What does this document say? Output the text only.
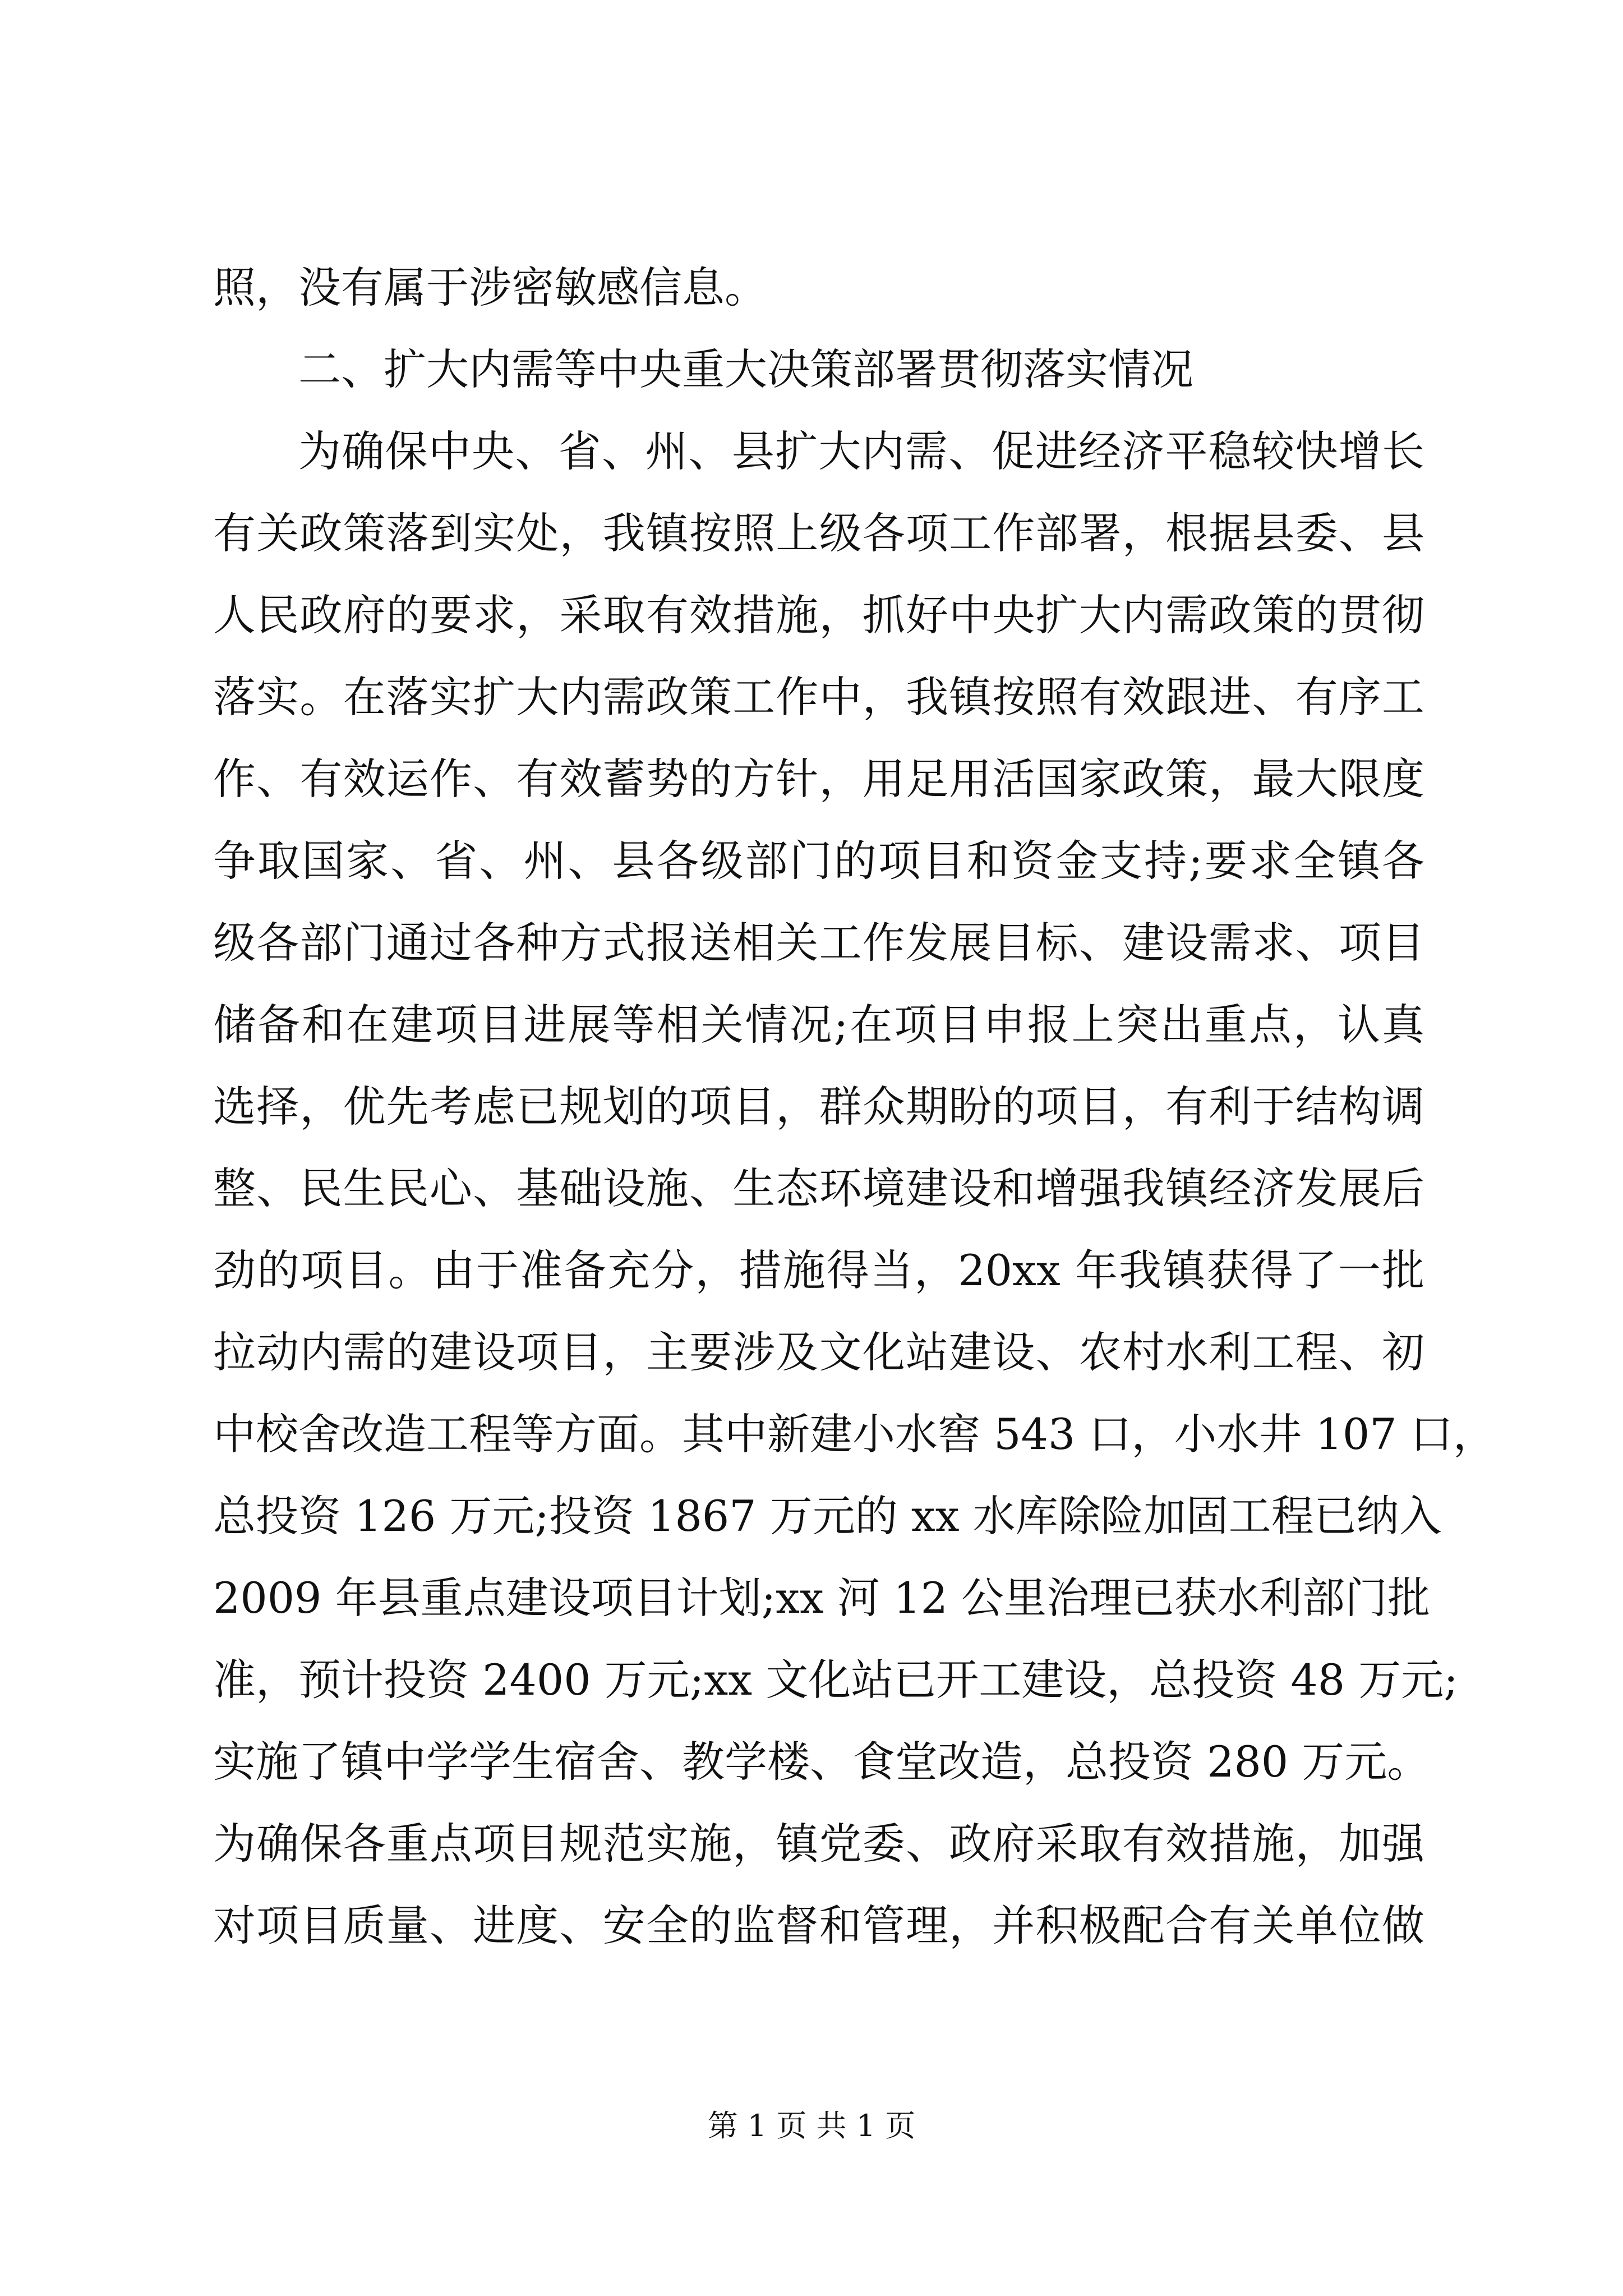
照，没有属于涉密敏感信息。
二、扩大内需等中央重大决策部署贯彻落实情况
为确保中央、省、州、县扩大内需、促进经济平稳较快增长
有关政策落到实处，我镇按照上级各项工作部署，根据县委、县
人民政府的要求，采取有效措施，抓好中央扩大内需政策的贯彻
落实。在落实扩大内需政策工作中，我镇按照有效跟进、有序工
作、有效运作、有效蓄势的方针，用足用活国家政策，最大限度
争取国家、省、州、县各级部门的项目和资金支持;要求全镇各
级各部门通过各种方式报送相关工作发展目标、建设需求、项目
储备和在建项目进展等相关情况;在项目申报上突出重点，认真
选择，优先考虑已规划的项目，群众期盼的项目，有利于结构调
整、民生民心、基础设施、生态环境建设和增强我镇经济发展后
劲的项目。由于准备充分，措施得当，20xx 年我镇获得了一批
拉动内需的建设项目，主要涉及文化站建设、农村水利工程、初
中校舍改造工程等方面。其中新建小水窖 543 口，小水井 107 口，
总投资 126 万元;投资 1867 万元的 xx 水库除险加固工程已纳入
2009 年县重点建设项目计划;xx 河 12 公里治理已获水利部门批
准，预计投资 2400 万元;xx 文化站已开工建设，总投资 48 万元;
实施了镇中学学生宿舍、教学楼、食堂改造，总投资 280 万元。
为确保各重点项目规范实施，镇党委、政府采取有效措施，加强
对项目质量、进度、安全的监督和管理，并积极配合有关单位做
第 1 页 共 1 页
